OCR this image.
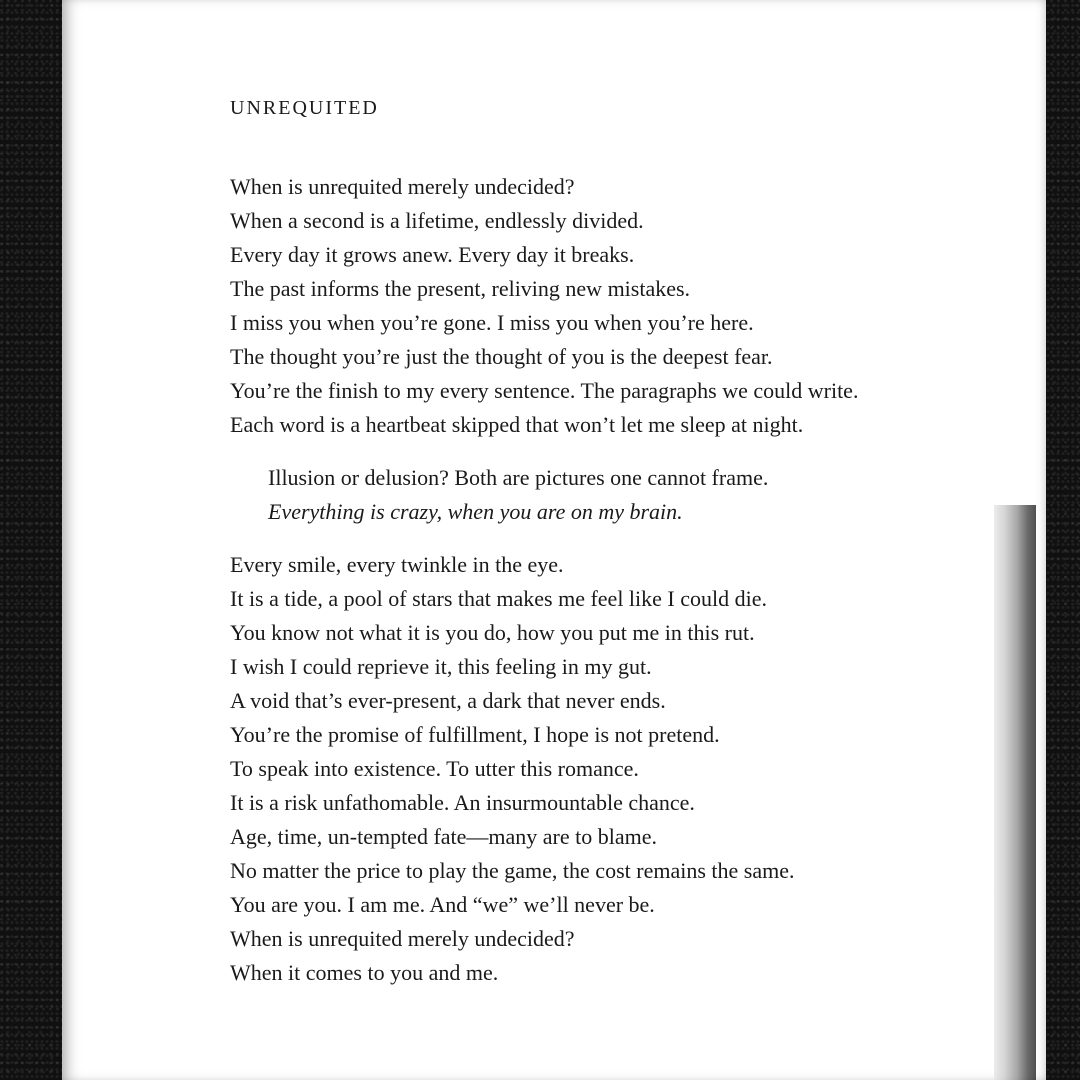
UNREQUITED
When is unrequited merely undecided?
When a second is a lifetime, endlessly divided.
Every day it grows anew. Every day it breaks.
The past informs the present, reliving new mistakes.
I miss you when you’re gone. I miss you when you’re here.
The thought you’re just the thought of you is the deepest fear.
You’re the finish to my every sentence. The paragraphs we could write.
Each word is a heartbeat skipped that won’t let me sleep at night.
Illusion or delusion? Both are pictures one cannot frame.
Everything is crazy, when you are on my brain.
Every smile, every twinkle in the eye.
It is a tide, a pool of stars that makes me feel like I could die.
You know not what it is you do, how you put me in this rut.
I wish I could reprieve it, this feeling in my gut.
A void that’s ever-present, a dark that never ends.
You’re the promise of fulfillment, I hope is not pretend.
To speak into existence. To utter this romance.
It is a risk unfathomable. An insurmountable chance.
Age, time, un-tempted fate—many are to blame.
No matter the price to play the game, the cost remains the same.
You are you. I am me. And “we” we’ll never be.
When is unrequited merely undecided?
When it comes to you and me.
